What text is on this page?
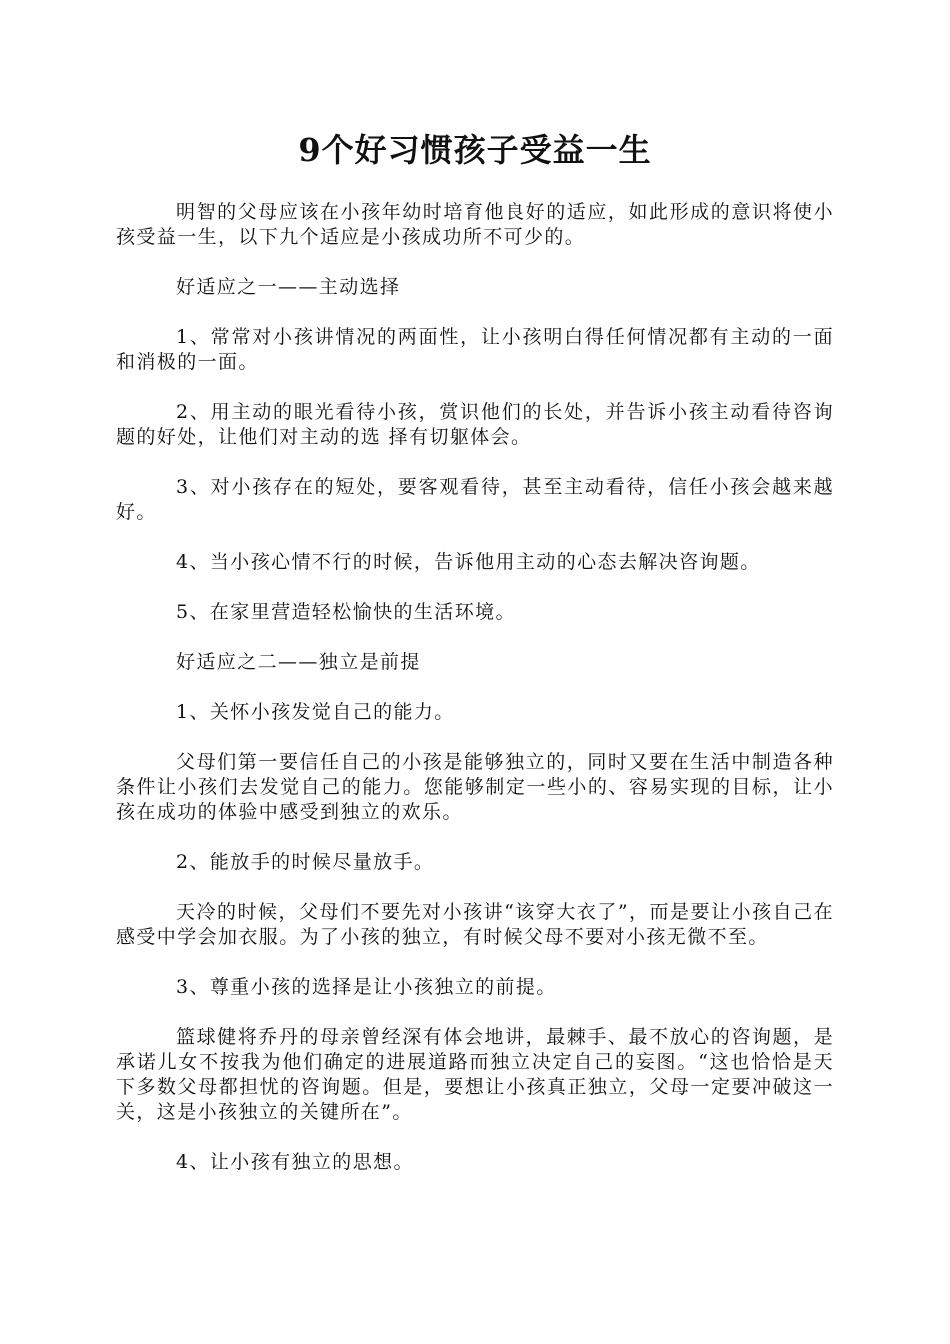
9个好习惯孩子受益一生

明智的父母应该在小孩年幼时培育他良好的适应，如此形成的意识将使小孩受益一生，以下九个适应是小孩成功所不可少的。

好适应之一——主动选择

1、常常对小孩讲情况的两面性，让小孩明白得任何情况都有主动的一面和消极的一面。

2、用主动的眼光看待小孩，赏识他们的长处，并告诉小孩主动看待咨询题的好处，让他们对主动的选 择有切躯体会。

3、对小孩存在的短处，要客观看待，甚至主动看待，信任小孩会越来越好。

4、当小孩心情不行的时候，告诉他用主动的心态去解决咨询题。

5、在家里营造轻松愉快的生活环境。

好适应之二——独立是前提

1、关怀小孩发觉自己的能力。

父母们第一要信任自己的小孩是能够独立的，同时又要在生活中制造各种条件让小孩们去发觉自己的能力。您能够制定一些小的、容易实现的目标，让小孩在成功的体验中感受到独立的欢乐。

2、能放手的时候尽量放手。

天冷的时候，父母们不要先对小孩讲“该穿大衣了”，而是要让小孩自己在感受中学会加衣服。为了小孩的独立，有时候父母不要对小孩无微不至。

3、尊重小孩的选择是让小孩独立的前提。

篮球健将乔丹的母亲曾经深有体会地讲，最棘手、最不放心的咨询题，是承诺儿女不按我为他们确定的进展道路而独立决定自己的妄图。“这也恰恰是天下多数父母都担忧的咨询题。但是，要想让小孩真正独立，父母一定要冲破这一关，这是小孩独立的关键所在”。

4、让小孩有独立的思想。
